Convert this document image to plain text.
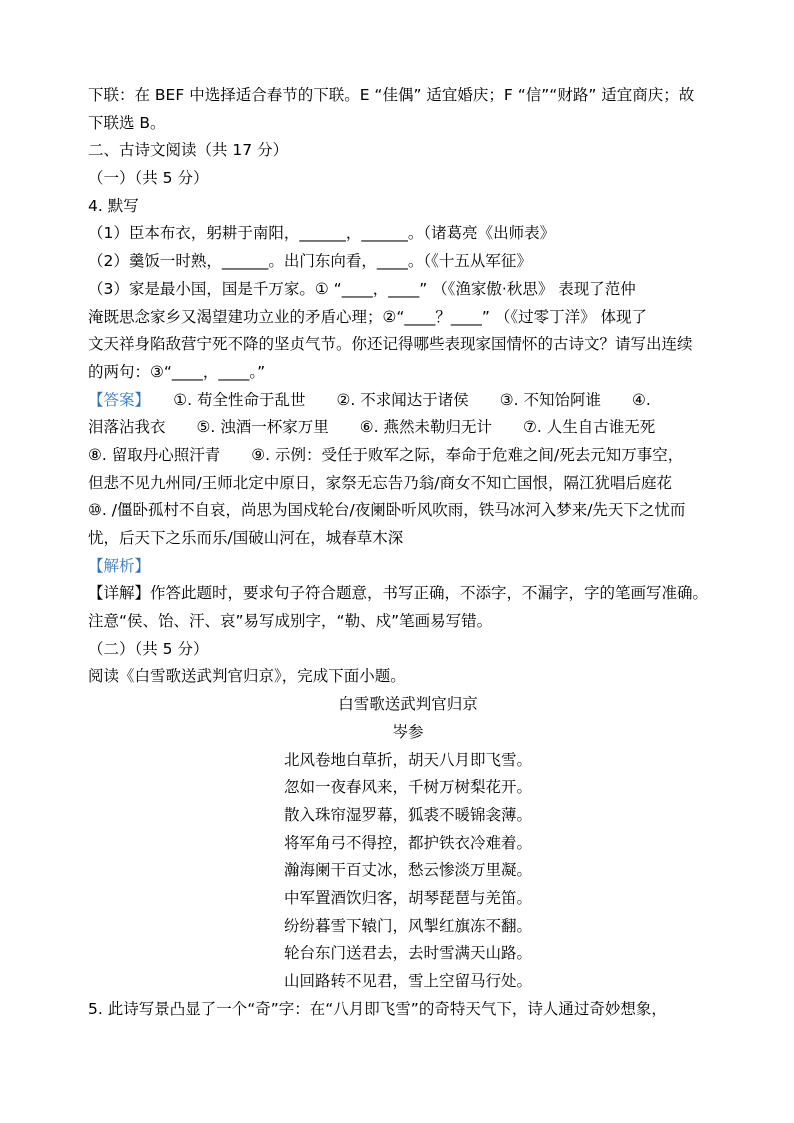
下联：在 BEF 中选择适合春节的下联。E “佳偶” 适宜婚庆；F “信”“财路” 适宜商庆；故
下联选 B。
二、古诗文阅读（共 17 分）
（一）（共 5 分）
4. 默写
（1）臣本布衣，躬耕于南阳，______，______。（诸葛亮《出师表》
（2）羹饭一时熟，______。出门东向看，____。（《十五从军征》
（3）家是最小国，国是千万家。① “____，____” （《渔家傲·秋思》 表现了范仲
淹既思念家乡又渴望建功立业的矛盾心理；②“____？____” （《过零丁洋》 体现了
文天祥身陷敌营宁死不降的坚贞气节。你还记得哪些表现家国情怀的古诗文？请写出连续
的两句：③“____，____。”
【答案】　　①. 苟全性命于乱世　　②. 不求闻达于诸侯　　③. 不知饴阿谁　　④.
泪落沾我衣　　⑤. 浊酒一杯家万里　　⑥. 燕然未勒归无计　　⑦. 人生自古谁无死
⑧. 留取丹心照汗青　　⑨. 示例：受任于败军之际，奉命于危难之间/死去元知万事空，
但悲不见九州同/王师北定中原日，家祭无忘告乃翁/商女不知亡国恨，隔江犹唱后庭花
⑩. /僵卧孤村不自哀，尚思为国戍轮台/夜阑卧听风吹雨，铁马冰河入梦来/先天下之忧而
忧，后天下之乐而乐/国破山河在，城春草木深
【解析】
【详解】作答此题时，要求句子符合题意，书写正确，不添字，不漏字，字的笔画写准确。
注意“侯、饴、汗、哀”易写成别字，“勒、戍”笔画易写错。
（二）（共 5 分）
阅读《白雪歌送武判官归京》，完成下面小题。
白雪歌送武判官归京
岑参
北风卷地白草折，胡天八月即飞雪。
忽如一夜春风来，千树万树梨花开。
散入珠帘湿罗幕，狐裘不暖锦衾薄。
将军角弓不得控，都护铁衣冷难着。
瀚海阑干百丈冰，愁云惨淡万里凝。
中军置酒饮归客，胡琴琵琶与羌笛。
纷纷暮雪下辕门，风掣红旗冻不翻。
轮台东门送君去，去时雪满天山路。
山回路转不见君，雪上空留马行处。
5. 此诗写景凸显了一个“奇”字：在“八月即飞雪”的奇特天气下，诗人通过奇妙想象，
